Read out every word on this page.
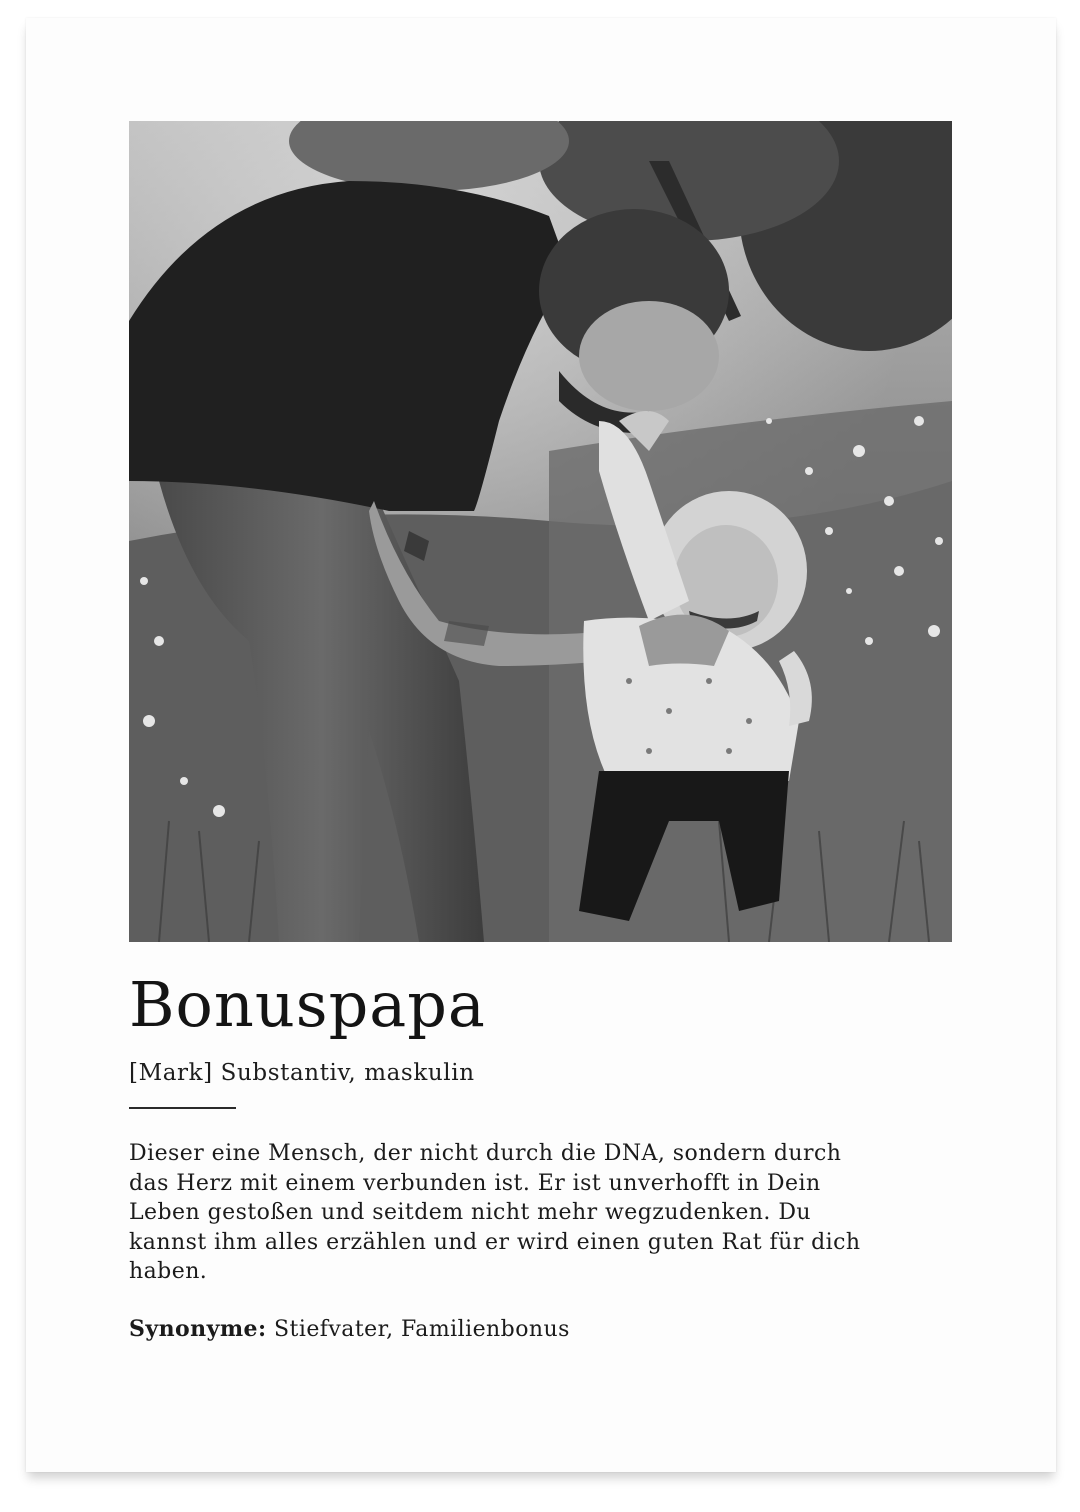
Bonuspapa
[Mark] Substantiv, maskulin

Dieser eine Mensch, der nicht durch die DNA, sondern durch
das Herz mit einem verbunden ist. Er ist unverhofft in Dein
Leben gestoßen und seitdem nicht mehr wegzudenken. Du
kannst ihm alles erzählen und er wird einen guten Rat für dich
haben.

Synonyme: Stiefvater, Familienbonus
